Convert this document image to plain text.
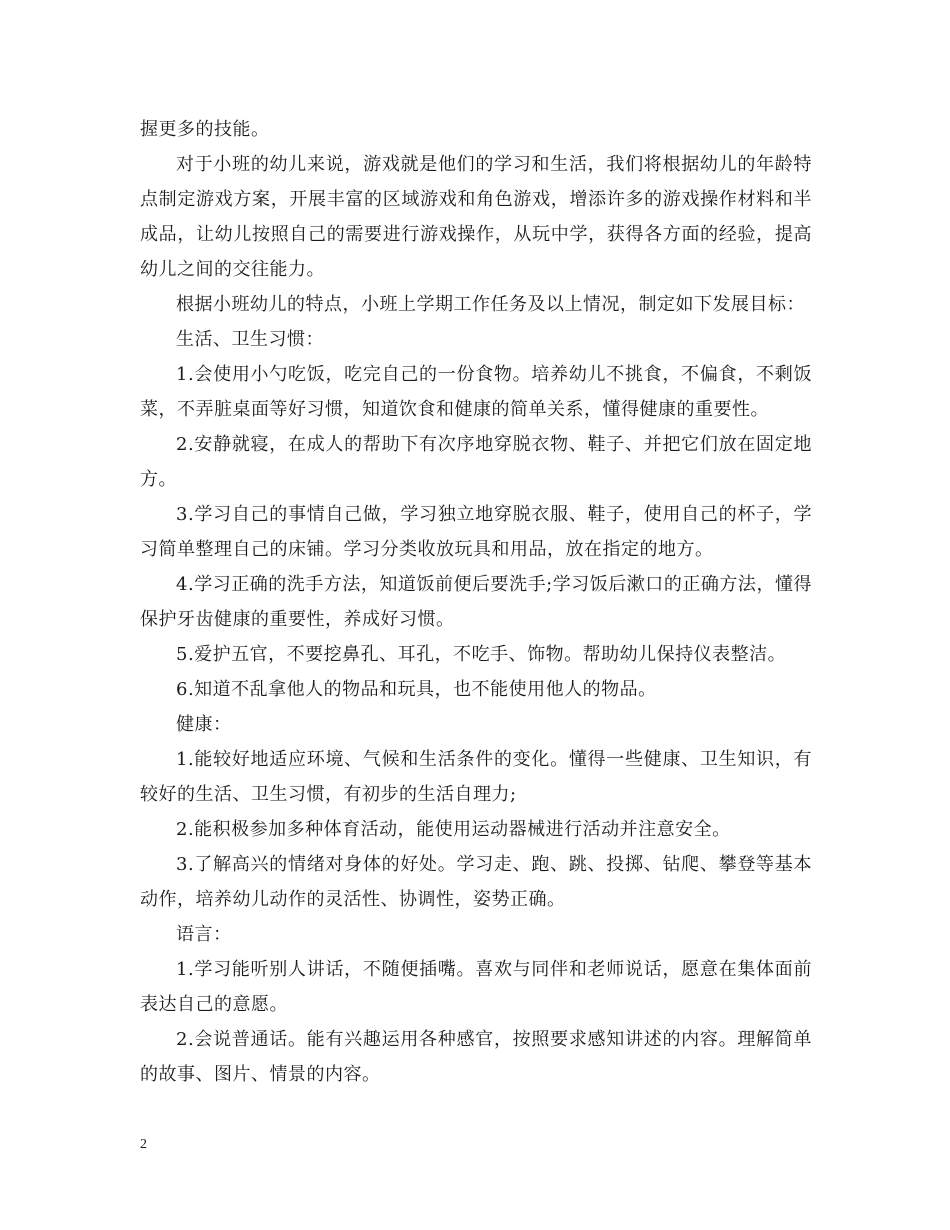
握更多的技能。

对于小班的幼儿来说，游戏就是他们的学习和生活，我们将根据幼儿的年龄特点制定游戏方案，开展丰富的区域游戏和角色游戏，增添许多的游戏操作材料和半成品，让幼儿按照自己的需要进行游戏操作，从玩中学，获得各方面的经验，提高幼儿之间的交往能力。

根据小班幼儿的特点，小班上学期工作任务及以上情况，制定如下发展目标：

生活、卫生习惯：

1.会使用小勺吃饭，吃完自己的一份食物。培养幼儿不挑食，不偏食，不剩饭菜，不弄脏桌面等好习惯，知道饮食和健康的简单关系，懂得健康的重要性。

2.安静就寝，在成人的帮助下有次序地穿脱衣物、鞋子、并把它们放在固定地方。

3.学习自己的事情自己做，学习独立地穿脱衣服、鞋子，使用自己的杯子，学习简单整理自己的床铺。学习分类收放玩具和用品，放在指定的地方。

4.学习正确的洗手方法，知道饭前便后要洗手;学习饭后漱口的正确方法，懂得保护牙齿健康的重要性，养成好习惯。

5.爱护五官，不要挖鼻孔、耳孔，不吃手、饰物。帮助幼儿保持仪表整洁。

6.知道不乱拿他人的物品和玩具，也不能使用他人的物品。

健康：

1.能较好地适应环境、气候和生活条件的变化。懂得一些健康、卫生知识，有较好的生活、卫生习惯，有初步的生活自理力;

2.能积极参加多种体育活动，能使用运动器械进行活动并注意安全。

3.了解高兴的情绪对身体的好处。学习走、跑、跳、投掷、钻爬、攀登等基本动作，培养幼儿动作的灵活性、协调性，姿势正确。

语言：

1.学习能听别人讲话，不随便插嘴。喜欢与同伴和老师说话，愿意在集体面前表达自己的意愿。

2.会说普通话。能有兴趣运用各种感官，按照要求感知讲述的内容。理解简单的故事、图片、情景的内容。

2
